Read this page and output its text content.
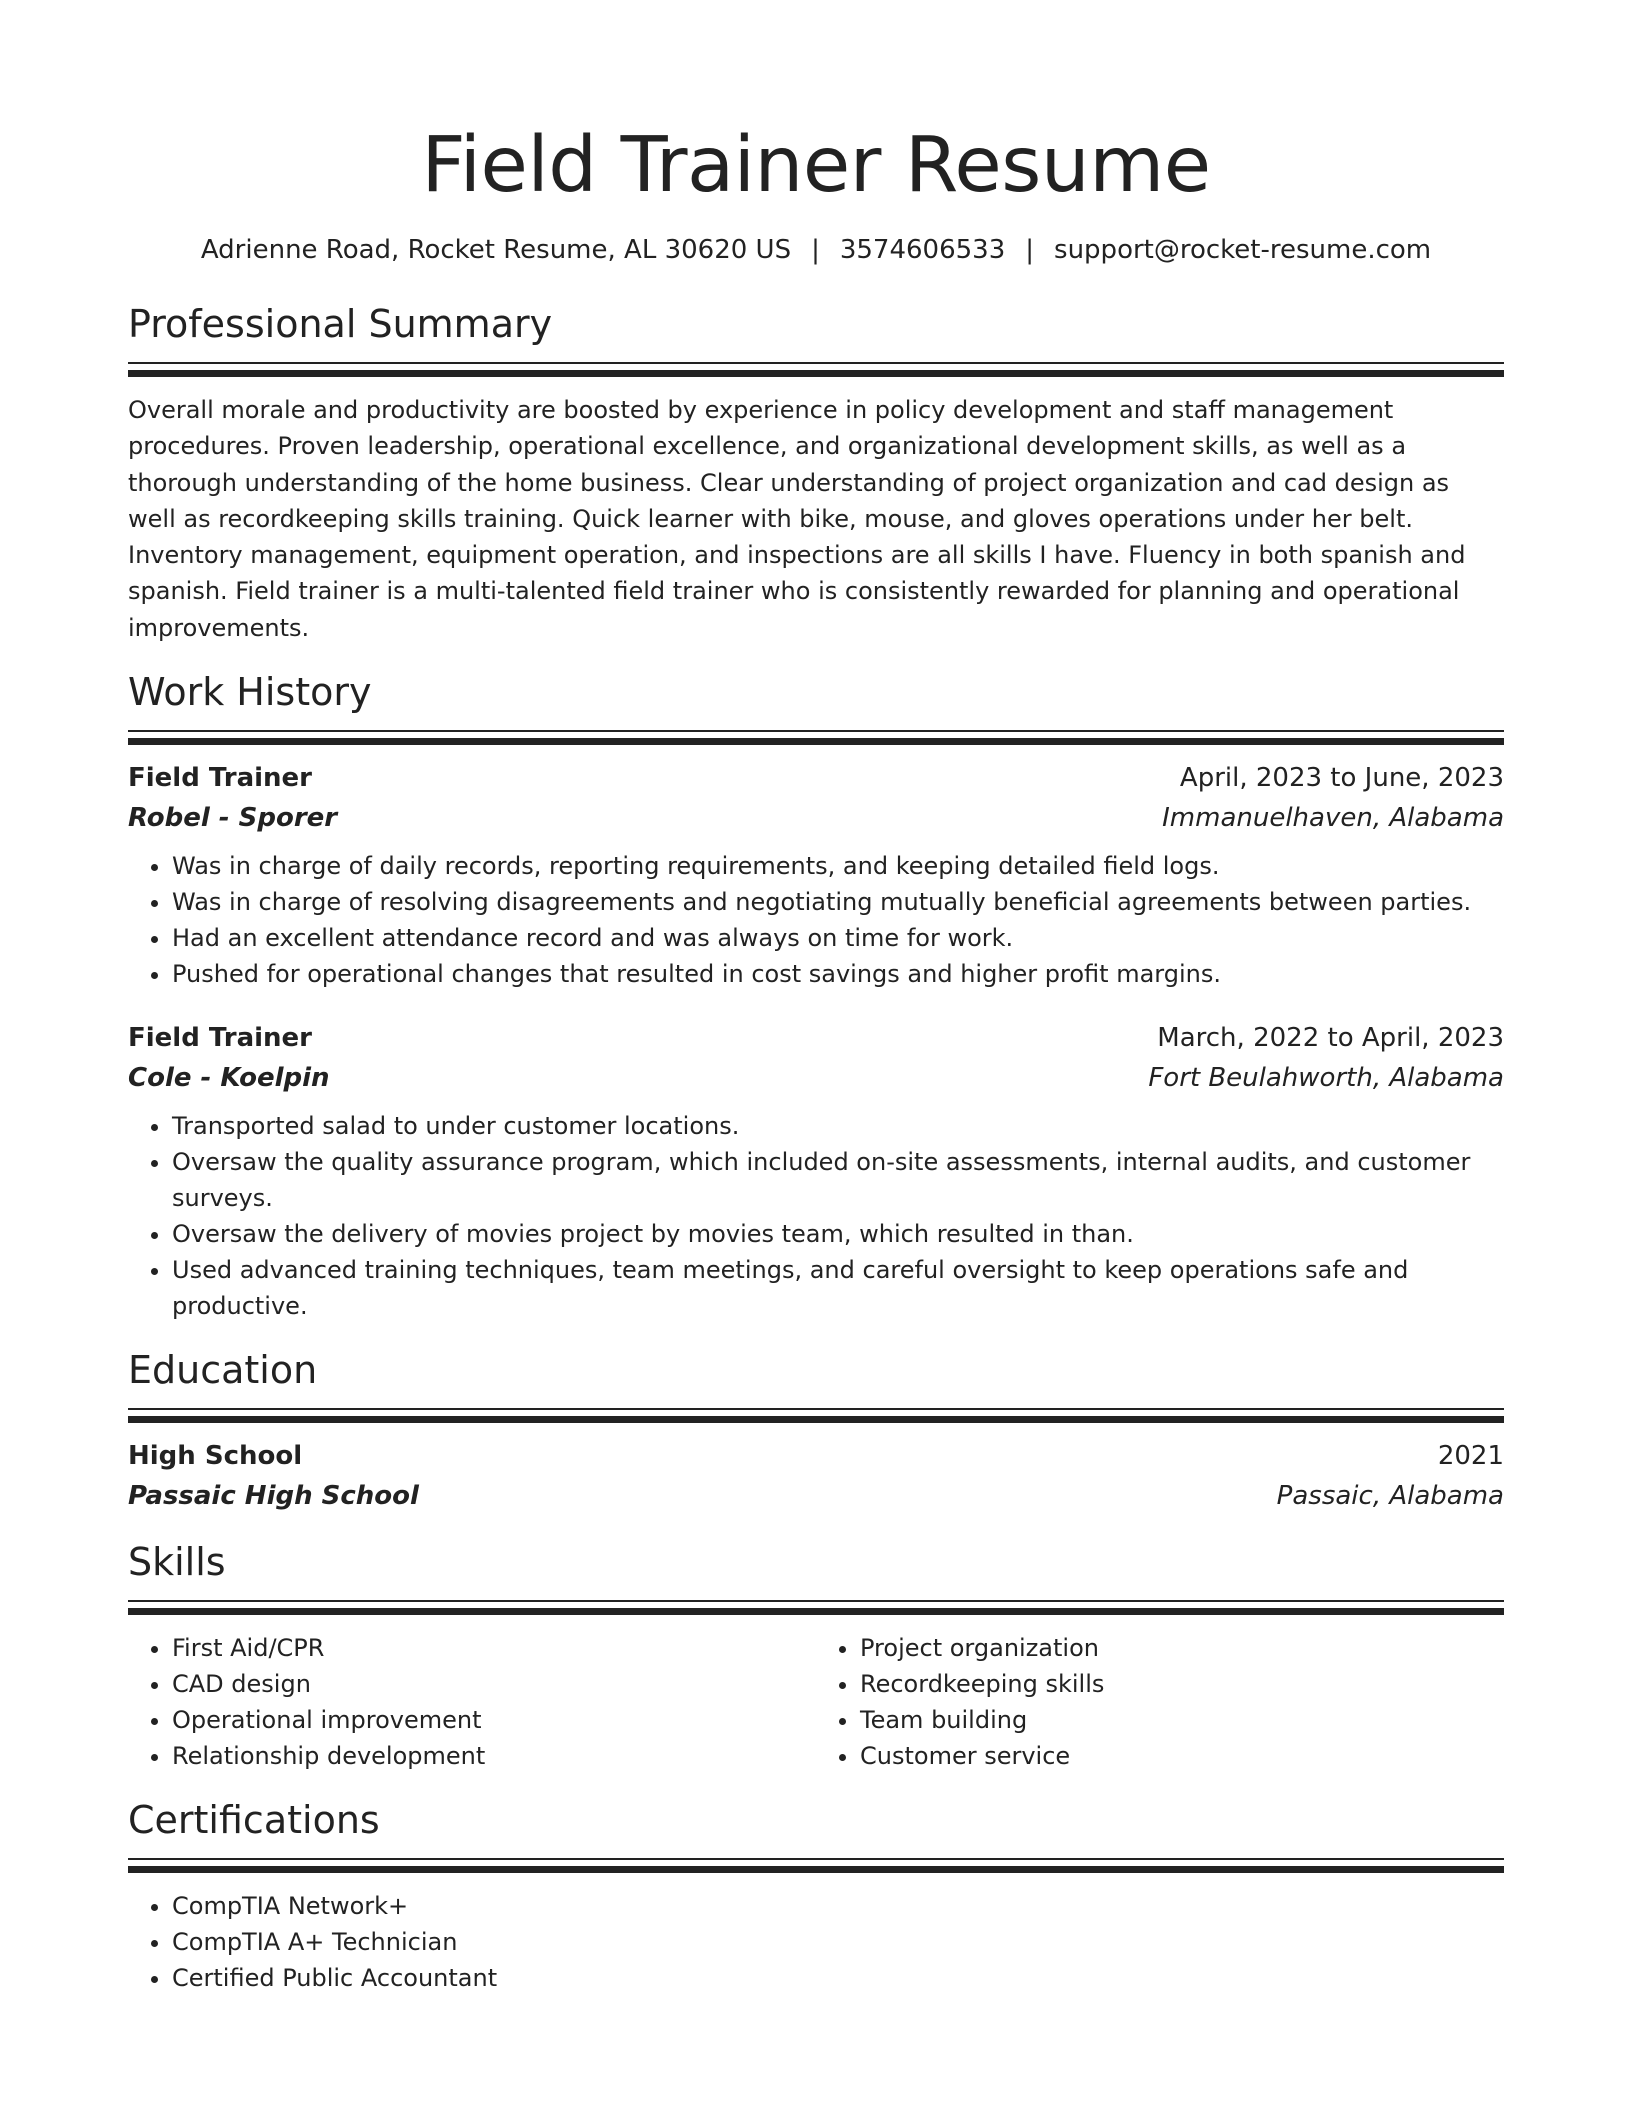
Field Trainer Resume
Adrienne Road, Rocket Resume, AL 30620 US | 3574606533 | support@rocket-resume.com
Professional Summary
Overall morale and productivity are boosted by experience in policy development and staff management procedures. Proven leadership, operational excellence, and organizational development skills, as well as a thorough understanding of the home business. Clear understanding of project organization and cad design as well as recordkeeping skills training. Quick learner with bike, mouse, and gloves operations under her belt. Inventory management, equipment operation, and inspections are all skills I have. Fluency in both spanish and spanish. Field trainer is a multi-talented field trainer who is consistently rewarded for planning and operational improvements.
Work History
Field Trainer	April, 2023 to June, 2023
Robel - Sporer	Immanuelhaven, Alabama
• Was in charge of daily records, reporting requirements, and keeping detailed field logs.
• Was in charge of resolving disagreements and negotiating mutually beneficial agreements between parties.
• Had an excellent attendance record and was always on time for work.
• Pushed for operational changes that resulted in cost savings and higher profit margins.
Field Trainer	March, 2022 to April, 2023
Cole - Koelpin	Fort Beulahworth, Alabama
• Transported salad to under customer locations.
• Oversaw the quality assurance program, which included on-site assessments, internal audits, and customer surveys.
• Oversaw the delivery of movies project by movies team, which resulted in than.
• Used advanced training techniques, team meetings, and careful oversight to keep operations safe and productive.
Education
High School	2021
Passaic High School	Passaic, Alabama
Skills
• First Aid/CPR
• CAD design
• Operational improvement
• Relationship development
• Project organization
• Recordkeeping skills
• Team building
• Customer service
Certifications
• CompTIA Network+
• CompTIA A+ Technician
• Certified Public Accountant
